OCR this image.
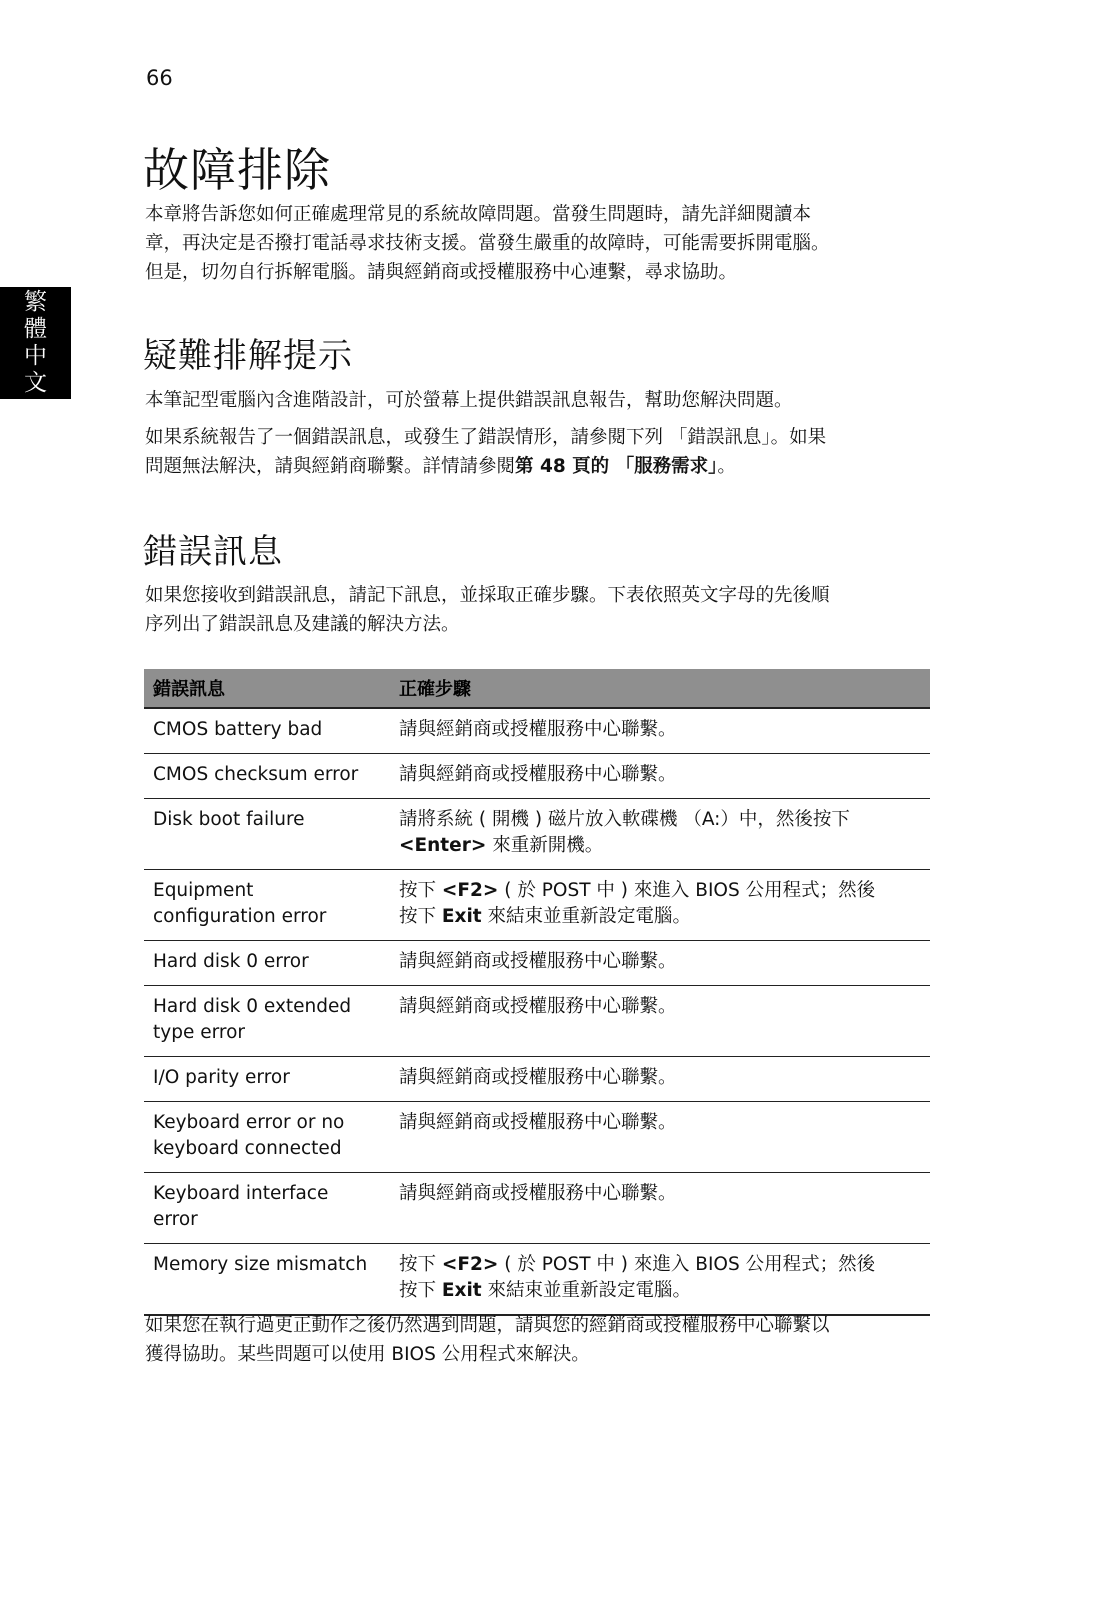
66
繁
體
中
文
故障排除

本章將告訴您如何正確處理常見的系統故障問題。當發生問題時，請先詳細閱讀本
章，再決定是否撥打電話尋求技術支援。當發生嚴重的故障時，可能需要拆開電腦。
但是，切勿自行拆解電腦。請與經銷商或授權服務中心連繫，尋求協助。

疑難排解提示

本筆記型電腦內含進階設計，可於螢幕上提供錯誤訊息報告，幫助您解決問題。

如果系統報告了一個錯誤訊息，或發生了錯誤情形，請參閱下列 「錯誤訊息」。如果
問題無法解決，請與經銷商聯繫。詳情請參閱第 48 頁的 「服務需求」。

錯誤訊息

如果您接收到錯誤訊息，請記下訊息，並採取正確步驟。下表依照英文字母的先後順
序列出了錯誤訊息及建議的解決方法。

錯誤訊息	正確步驟
CMOS battery bad	請與經銷商或授權服務中心聯繫。
CMOS checksum error	請與經銷商或授權服務中心聯繫。
Disk boot failure	請將系統 ( 開機 ) 磁片放入軟碟機 （A:）中，然後按下
<Enter> 來重新開機。
Equipment
configuration error	按下 <F2> ( 於 POST 中 ) 來進入 BIOS 公用程式；然後
按下 Exit 來結束並重新設定電腦。
Hard disk 0 error	請與經銷商或授權服務中心聯繫。
Hard disk 0 extended
type error	請與經銷商或授權服務中心聯繫。
I/O parity error	請與經銷商或授權服務中心聯繫。
Keyboard error or no
keyboard connected	請與經銷商或授權服務中心聯繫。
Keyboard interface
error	請與經銷商或授權服務中心聯繫。
Memory size mismatch	按下 <F2> ( 於 POST 中 ) 來進入 BIOS 公用程式；然後
按下 Exit 來結束並重新設定電腦。

如果您在執行過更正動作之後仍然遇到問題，請與您的經銷商或授權服務中心聯繫以
獲得協助。某些問題可以使用 BIOS 公用程式來解決。
